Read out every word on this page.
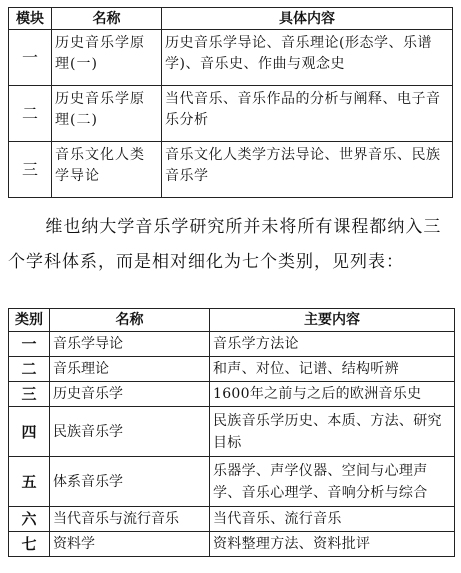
模块	名称	具体内容
一	历史音乐学原理(一)	历史音乐学导论、音乐理论(形态学、乐谱学)、音乐史、作曲与观念史
二	历史音乐学原理(二)	当代音乐、音乐作品的分析与阐释、电子音乐分析
三	音乐文化人类学导论	音乐文化人类学方法导论、世界音乐、民族音乐学

维也纳大学音乐学研究所并未将所有课程都纳入三个学科体系，而是相对细化为七个类别，见列表：

类别	名称	主要内容
一	音乐学导论	音乐学方法论
二	音乐理论	和声、对位、记谱、结构听辨
三	历史音乐学	1600年之前与之后的欧洲音乐史
四	民族音乐学	民族音乐学历史、本质、方法、研究目标
五	体系音乐学	乐器学、声学仪器、空间与心理声学、音乐心理学、音响分析与综合
六	当代音乐与流行音乐	当代音乐、流行音乐
七	资料学	资料整理方法、资料批评
